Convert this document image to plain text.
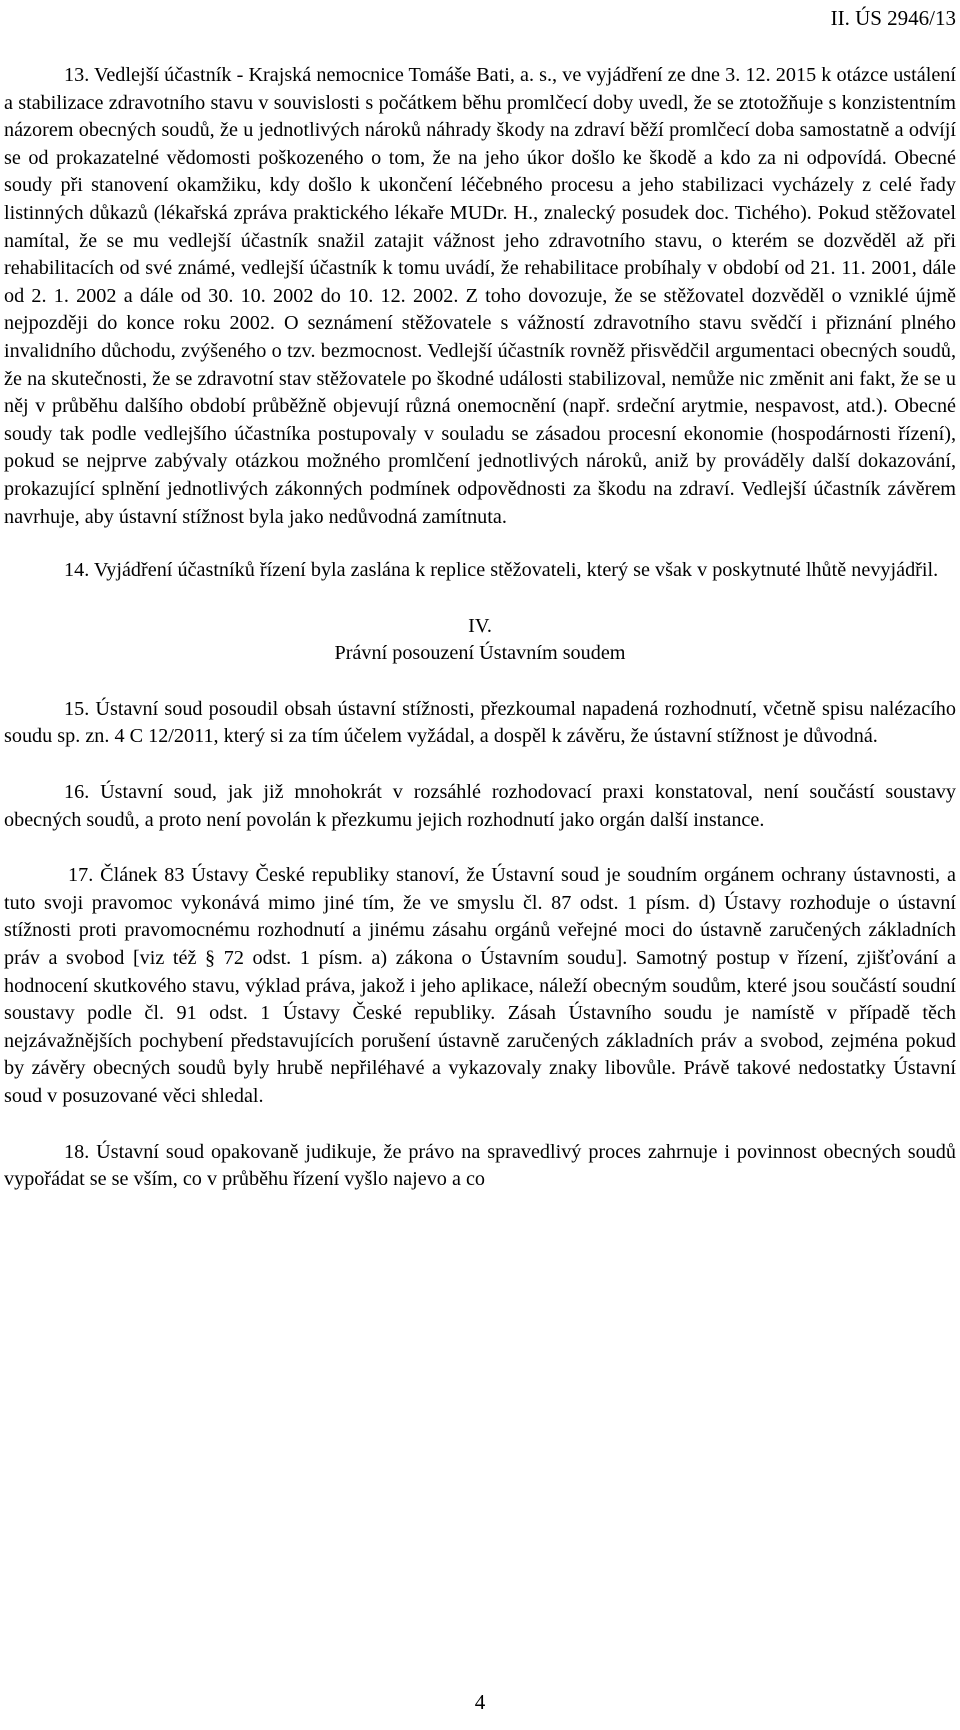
II. ÚS 2946/13

13. Vedlejší účastník - Krajská nemocnice Tomáše Bati, a. s., ve vyjádření ze dne 3. 12. 2015 k otázce ustálení a stabilizace zdravotního stavu v souvislosti s počátkem běhu promlčecí doby uvedl, že se ztotožňuje s konzistentním názorem obecných soudů, že u jednotlivých nároků náhrady škody na zdraví běží promlčecí doba samostatně a odvíjí se od prokazatelné vědomosti poškozeného o tom, že na jeho úkor došlo ke škodě a kdo za ni odpovídá. Obecné soudy při stanovení okamžiku, kdy došlo k ukončení léčebného procesu a jeho stabilizaci vycházely z celé řady listinných důkazů (lékařská zpráva praktického lékaře MUDr. H., znalecký posudek doc. Tichého). Pokud stěžovatel namítal, že se mu vedlejší účastník snažil zatajit vážnost jeho zdravotního stavu, o kterém se dozvěděl až při rehabilitacích od své známé, vedlejší účastník k tomu uvádí, že rehabilitace probíhaly v období od 21. 11. 2001, dále od 2. 1. 2002 a dále od 30. 10. 2002 do 10. 12. 2002. Z toho dovozuje, že se stěžovatel dozvěděl o vzniklé újmě nejpozději do konce roku 2002. O seznámení stěžovatele s vážností zdravotního stavu svědčí i přiznání plného invalidního důchodu, zvýšeného o tzv. bezmocnost. Vedlejší účastník rovněž přisvědčil argumentaci obecných soudů, že na skutečnosti, že se zdravotní stav stěžovatele po škodné události stabilizoval, nemůže nic změnit ani fakt, že se u něj v průběhu dalšího období průběžně objevují různá onemocnění (např. srdeční arytmie, nespavost, atd.). Obecné soudy tak podle vedlejšího účastníka postupovaly v souladu se zásadou procesní ekonomie (hospodárnosti řízení), pokud se nejprve zabývaly otázkou možného promlčení jednotlivých nároků, aniž by prováděly další dokazování, prokazující splnění jednotlivých zákonných podmínek odpovědnosti za škodu na zdraví. Vedlejší účastník závěrem navrhuje, aby ústavní stížnost byla jako nedůvodná zamítnuta.

14. Vyjádření účastníků řízení byla zaslána k replice stěžovateli, který se však v poskytnuté lhůtě nevyjádřil.

IV.
Právní posouzení Ústavním soudem

15. Ústavní soud posoudil obsah ústavní stížnosti, přezkoumal napadená rozhodnutí, včetně spisu nalézacího soudu sp. zn. 4 C 12/2011, který si za tím účelem vyžádal, a dospěl k závěru, že ústavní stížnost je důvodná.

16. Ústavní soud, jak již mnohokrát v rozsáhlé rozhodovací praxi konstatoval, není součástí soustavy obecných soudů, a proto není povolán k přezkumu jejich rozhodnutí jako orgán další instance.

17. Článek 83 Ústavy České republiky stanoví, že Ústavní soud je soudním orgánem ochrany ústavnosti, a tuto svoji pravomoc vykonává mimo jiné tím, že ve smyslu čl. 87 odst. 1 písm. d) Ústavy rozhoduje o ústavní stížnosti proti pravomocnému rozhodnutí a jinému zásahu orgánů veřejné moci do ústavně zaručených základních práv a svobod [viz též § 72 odst. 1 písm. a) zákona o Ústavním soudu]. Samotný postup v řízení, zjišťování a hodnocení skutkového stavu, výklad práva, jakož i jeho aplikace, náleží obecným soudům, které jsou součástí soudní soustavy podle čl. 91 odst. 1 Ústavy České republiky. Zásah Ústavního soudu je namístě v případě těch nejzávažnějších pochybení představujících porušení ústavně zaručených základních práv a svobod, zejména pokud by závěry obecných soudů byly hrubě nepřiléhavé a vykazovaly znaky libovůle. Právě takové nedostatky Ústavní soud v posuzované věci shledal.

18. Ústavní soud opakovaně judikuje, že právo na spravedlivý proces zahrnuje i povinnost obecných soudů vypořádat se se vším, co v průběhu řízení vyšlo najevo a co

4
